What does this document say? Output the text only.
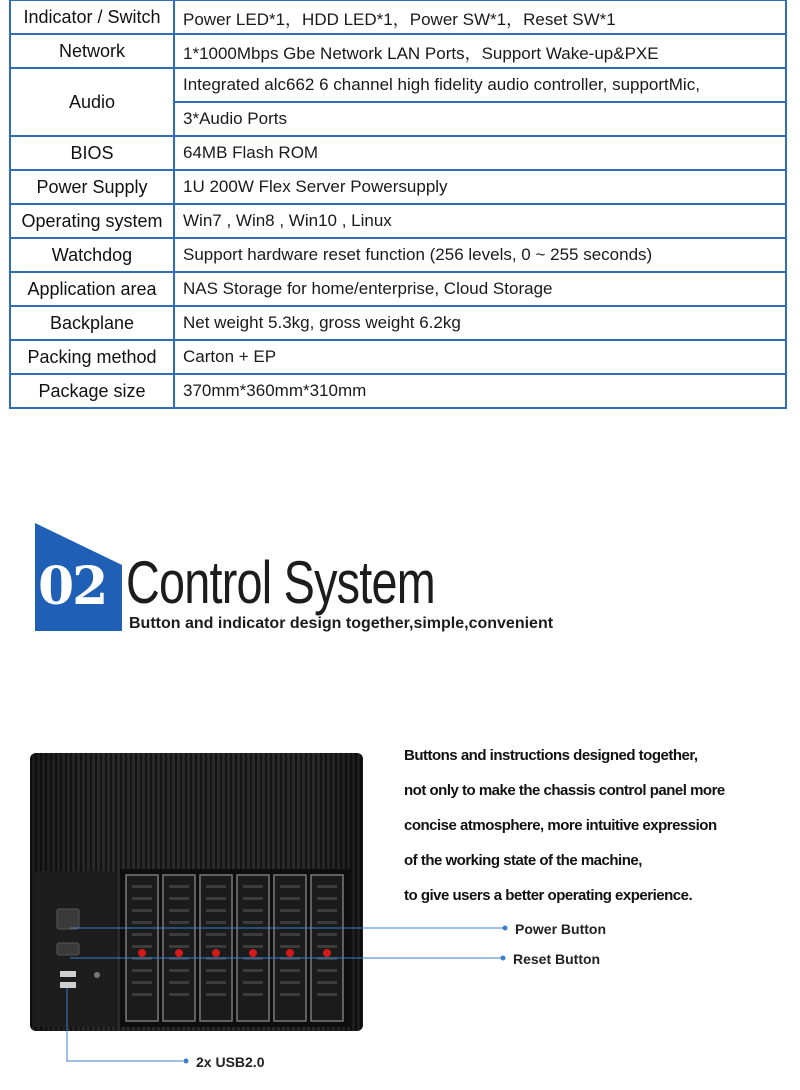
Indicator / Switch	Power LED*1，HDD LED*1，Power SW*1，Reset SW*1
Network	1*1000Mbps Gbe Network LAN Ports，Support Wake-up&PXE
Audio	Integrated alc662 6 channel high fidelity audio controller, supportMic,
	3*Audio Ports
BIOS	64MB Flash ROM
Power Supply	1U 200W Flex Server Powersupply
Operating system	Win7 , Win8 , Win10 , Linux
Watchdog	Support hardware reset function (256 levels, 0 ~ 255 seconds)
Application area	NAS Storage for home/enterprise, Cloud Storage
Backplane	Net weight 5.3kg, gross weight 6.2kg
Packing method	Carton + EP
Package size	370mm*360mm*310mm
02 Control System
Button and indicator design together,simple,convenient

Buttons and instructions designed together,

not only to make the chassis control panel more

concise atmosphere, more intuitive expression

of the working state of the machine,

to give users a better operating experience.

Power Button
Reset Button
2x USB2.0
